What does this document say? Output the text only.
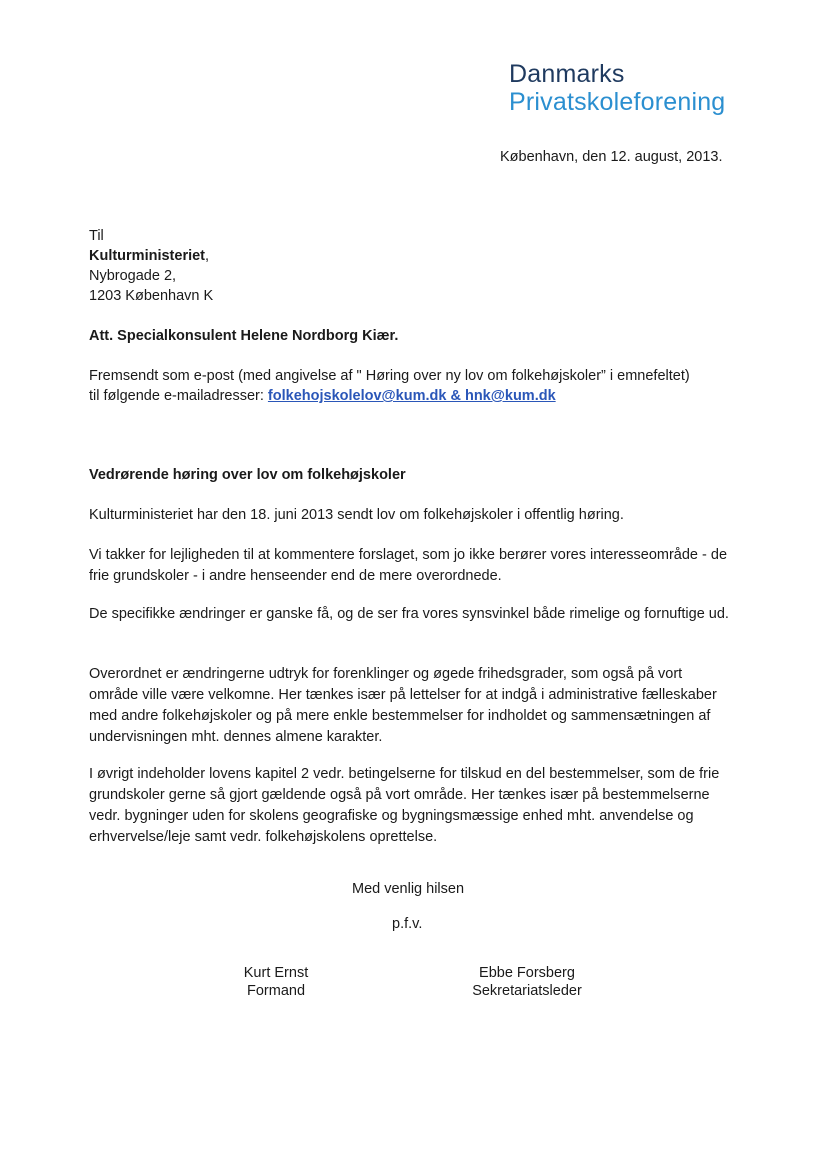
Danmarks
Privatskoleforening
København, den 12. august, 2013.
Til
Kulturministeriet,
Nybrogade 2,
1203 København K
Att. Specialkonsulent Helene Nordborg Kiær.
Fremsendt som e-post (med angivelse af " Høring over ny lov om folkehøjskoler” i emnefeltet)
til følgende e-mailadresser: folkehojskolelov@kum.dk & hnk@kum.dk
Vedrørende høring over lov om folkehøjskoler

Kulturministeriet har den 18. juni 2013 sendt lov om folkehøjskoler i offentlig høring.

Vi takker for lejligheden til at kommentere forslaget, som jo ikke berører vores interesseområde - de frie grundskoler - i andre henseender end de mere overordnede.

De specifikke ændringer er ganske få, og de ser fra vores synsvinkel både rimelige og fornuftige ud.

Overordnet er ændringerne udtryk for forenklinger og øgede frihedsgrader, som også på vort område ville være velkomne. Her tænkes især på lettelser for at indgå i administrative fælleskaber med andre folkehøjskoler og på mere enkle bestemmelser for indholdet og sammensætningen af undervisningen mht. dennes almene karakter.

I øvrigt indeholder lovens kapitel 2 vedr. betingelserne for tilskud en del bestemmelser, som de frie grundskoler gerne så gjort gældende også på vort område. Her tænkes især på bestemmelserne vedr. bygninger uden for skolens geografiske og bygningsmæssige enhed mht. anvendelse og erhvervelse/leje samt vedr. folkehøjskolens oprettelse.

Med venlig hilsen
p.f.v.
Kurt Ernst
Formand
Ebbe Forsberg
Sekretariatsleder
